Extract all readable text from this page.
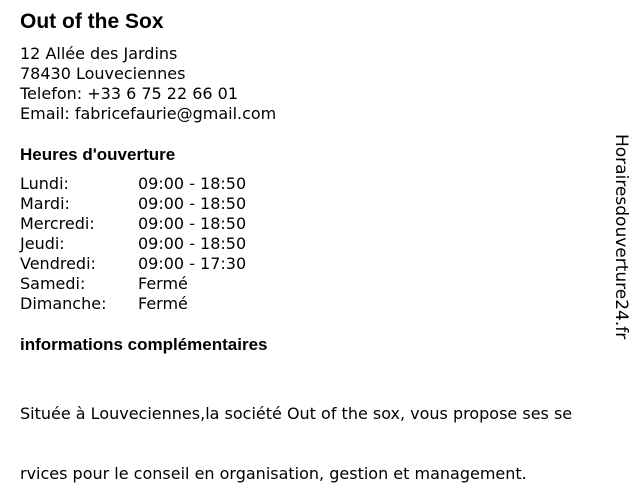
Out of the Sox
12 Allée des Jardins
78430 Louveciennes
Telefon: +33 6 75 22 66 01
Email: fabricefaurie@gmail.com
Heures d'ouverture
Lundi:	09:00 - 18:50
Mardi:	09:00 - 18:50
Mercredi:	09:00 - 18:50
Jeudi:	09:00 - 18:50
Vendredi:	09:00 - 17:30
Samedi:	Fermé
Dimanche: Fermé
informations complémentaires

Située à Louveciennes,la société Out of the sox, vous propose ses se

rvices pour le conseil en organisation, gestion et management.

Horairesdouverture24.fr
